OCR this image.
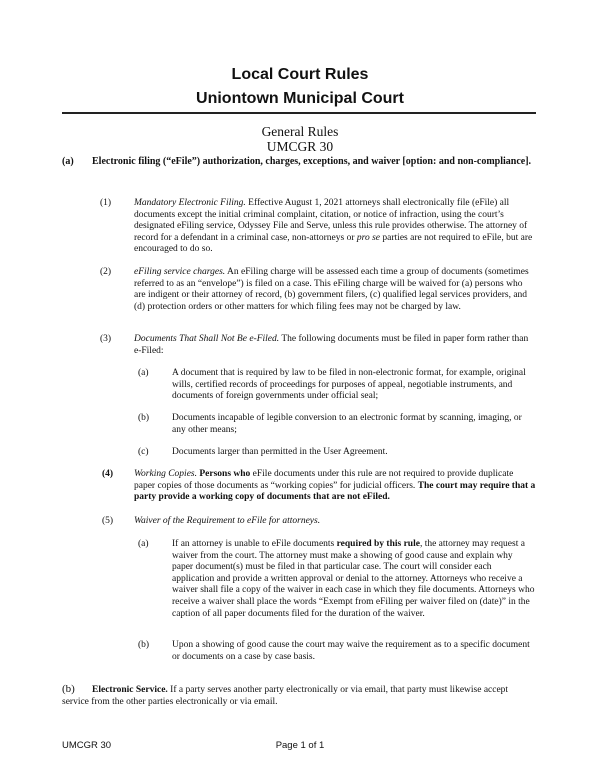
Local Court Rules
Uniontown Municipal Court
General Rules
UMCGR 30
(a) Electronic filing (“eFile”) authorization, charges, exceptions, and waiver [option: and non-compliance].
(1) Mandatory Electronic Filing. Effective August 1, 2021 attorneys shall electronically file (eFile) all documents except the initial criminal complaint, citation, or notice of infraction, using the court’s designated eFiling service, Odyssey File and Serve, unless this rule provides otherwise. The attorney of record for a defendant in a criminal case, non-attorneys or pro se parties are not required to eFile, but are encouraged to do so.
(2) eFiling service charges. An eFiling charge will be assessed each time a group of documents (sometimes referred to as an “envelope”) is filed on a case. This eFiling charge will be waived for (a) persons who are indigent or their attorney of record, (b) government filers, (c) qualified legal services providers, and (d) protection orders or other matters for which filing fees may not be charged by law.
(3) Documents That Shall Not Be e-Filed. The following documents must be filed in paper form rather than e-Filed:
(a) A document that is required by law to be filed in non-electronic format, for example, original wills, certified records of proceedings for purposes of appeal, negotiable instruments, and documents of foreign governments under official seal;
(b) Documents incapable of legible conversion to an electronic format by scanning, imaging, or any other means;
(c) Documents larger than permitted in the User Agreement.
(4) Working Copies. Persons who eFile documents under this rule are not required to provide duplicate paper copies of those documents as “working copies” for judicial officers. The court may require that a party provide a working copy of documents that are not eFiled.
(5) Waiver of the Requirement to eFile for attorneys.
(a) If an attorney is unable to eFile documents required by this rule, the attorney may request a waiver from the court. The attorney must make a showing of good cause and explain why paper document(s) must be filed in that particular case. The court will consider each application and provide a written approval or denial to the attorney. Attorneys who receive a waiver shall file a copy of the waiver in each case in which they file documents. Attorneys who receive a waiver shall place the words “Exempt from eFiling per waiver filed on (date)” in the caption of all paper documents filed for the duration of the waiver.
(b) Upon a showing of good cause the court may waive the requirement as to a specific document or documents on a case by case basis.
(b) Electronic Service. If a party serves another party electronically or via email, that party must likewise accept service from the other parties electronically or via email.
UMCGR 30	Page 1 of 1
